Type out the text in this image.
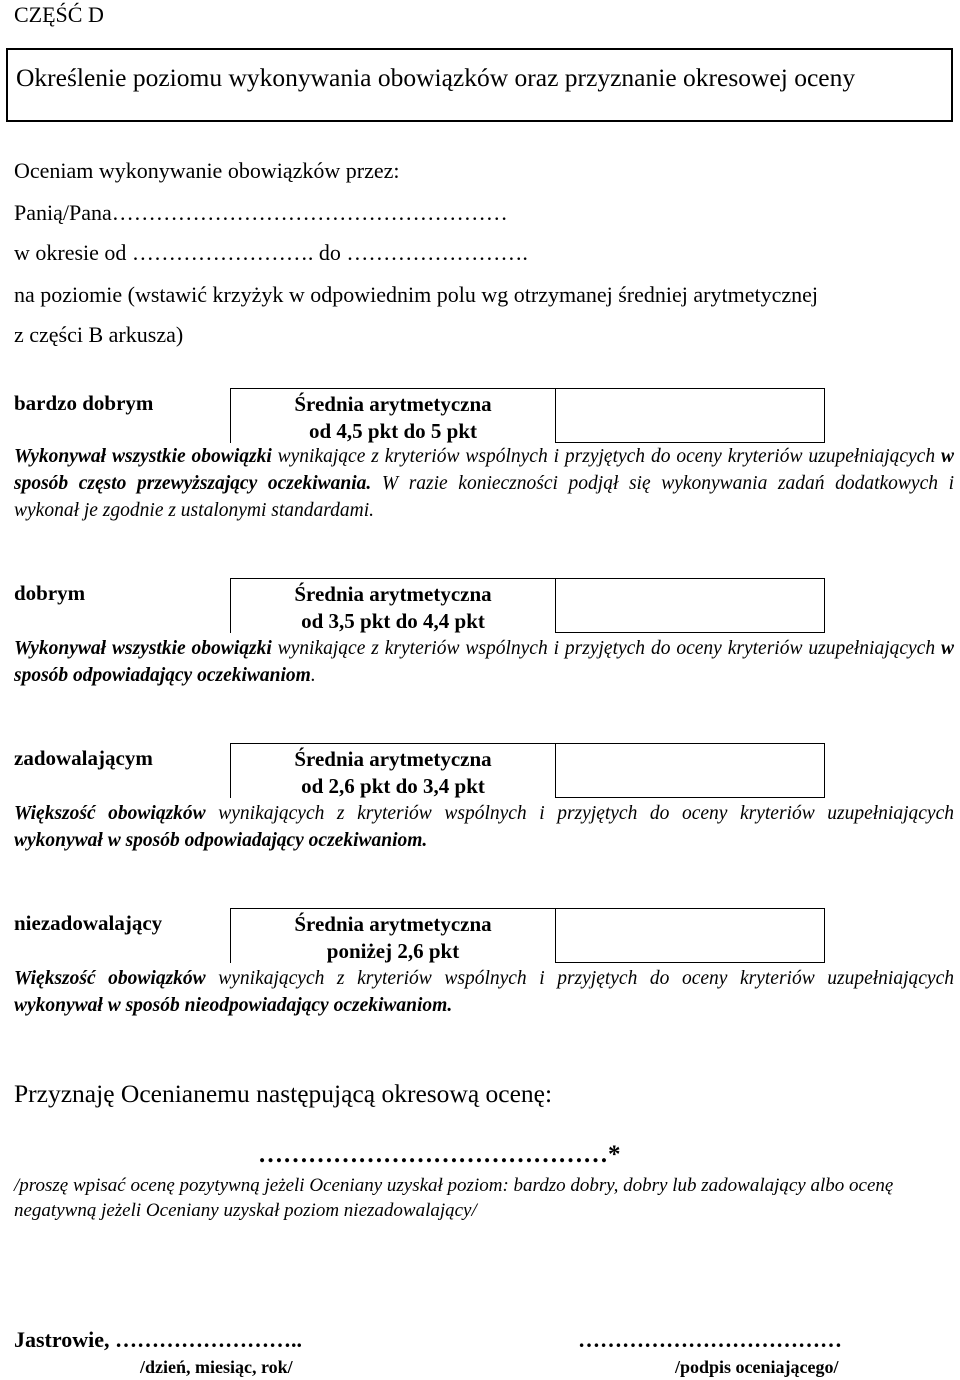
CZĘŚĆ D
Określenie poziomu wykonywania obowiązków oraz przyznanie okresowej oceny
Oceniam wykonywanie obowiązków przez:
Panią/Pana………………………………………………
w okresie od ……………………. do …………………….
na poziomie (wstawić krzyżyk w odpowiednim polu wg otrzymanej średniej arytmetycznej
z części B arkusza)
bardzo dobrym	Średnia arytmetyczna
od 4,5 pkt do 5 pkt
Wykonywał wszystkie obowiązki wynikające z kryteriów wspólnych i przyjętych do oceny kryteriów uzupełniających w sposób często przewyższający oczekiwania. W razie konieczności podjął się wykonywania zadań dodatkowych i wykonał je zgodnie z ustalonymi standardami.
dobrym	Średnia arytmetyczna
od 3,5 pkt do 4,4 pkt
Wykonywał wszystkie obowiązki wynikające z kryteriów wspólnych i przyjętych do oceny kryteriów uzupełniających w sposób odpowiadający oczekiwaniom.
zadowalającym	Średnia arytmetyczna
od 2,6 pkt do 3,4 pkt
Większość obowiązków wynikających z kryteriów wspólnych i przyjętych do oceny kryteriów uzupełniających wykonywał w sposób odpowiadający oczekiwaniom.
niezadowalający	Średnia arytmetyczna
poniżej 2,6 pkt
Większość obowiązków wynikających z kryteriów wspólnych i przyjętych do oceny kryteriów uzupełniających wykonywał w sposób nieodpowiadający oczekiwaniom.
Przyznaję Ocenianemu następującą okresową ocenę:
……………………………………*
/proszę wpisać ocenę pozytywną jeżeli Oceniany uzyskał poziom: bardzo dobry, dobry lub zadowalający albo ocenę negatywną jeżeli Oceniany uzyskał poziom niezadowalający/
Jastrowie, ……………………..
/dzień, miesiąc, rok/
………………………………
/podpis oceniającego/
